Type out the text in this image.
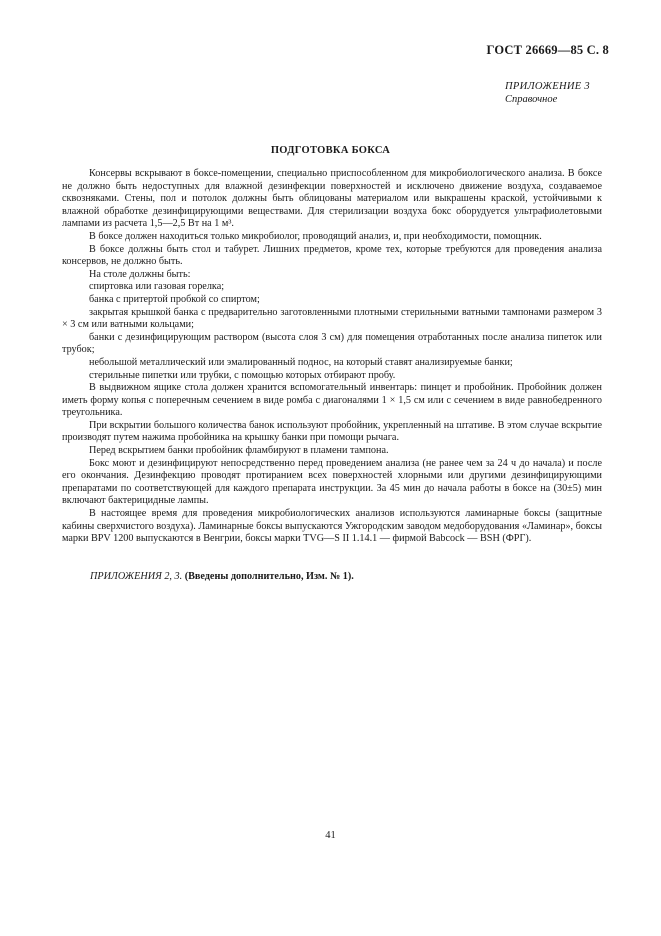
ГОСТ 26669—85 С. 8
ПРИЛОЖЕНИЕ 3
Справочное
ПОДГОТОВКА БОКСА

Консервы вскрывают в боксе-помещении, специально приспособленном для микробиологического анализа. В боксе не должно быть недоступных для влажной дезинфекции поверхностей и исключено движение воздуха, создаваемое сквозняками. Стены, пол и потолок должны быть облицованы материалом или выкрашены краской, устойчивыми к влажной обработке дезинфицирующими веществами. Для стерилизации воздуха бокс оборудуется ультрафиолетовыми лампами из расчета 1,5—2,5 Вт на 1 м³.

В боксе должен находиться только микробиолог, проводящий анализ, и, при необходимости, помощник.

В боксе должны быть стол и табурет. Лишних предметов, кроме тех, которые требуются для проведения анализа консервов, не должно быть.

На столе должны быть:

спиртовка или газовая горелка;

банка с притертой пробкой со спиртом;

закрытая крышкой банка с предварительно заготовленными плотными стерильными ватными тампонами размером 3 × 3 см или ватными кольцами;

банки с дезинфицирующим раствором (высота слоя 3 см) для помещения отработанных после анализа пипеток или трубок;

небольшой металлический или эмалированный поднос, на который ставят анализируемые банки;

стерильные пипетки или трубки, с помощью которых отбирают пробу.

В выдвижном ящике стола должен хранится вспомогательный инвентарь: пинцет и пробойник. Пробойник должен иметь форму копья с поперечным сечением в виде ромба с диагоналями 1 × 1,5 см или с сечением в виде равнобедренного треугольника.

При вскрытии большого количества банок используют пробойник, укрепленный на штативе. В этом случае вскрытие производят путем нажима пробойника на крышку банки при помощи рычага.

Перед вскрытием банки пробойник фламбируют в пламени тампона.

Бокс моют и дезинфицируют непосредственно перед проведением анализа (не ранее чем за 24 ч до начала) и после его окончания. Дезинфекцию проводят протиранием всех поверхностей хлорными или другими дезинфицирующими препаратами по соответствующей для каждого препарата инструкции. За 45 мин до начала работы в боксе на (30±5) мин включают бактерицидные лампы.

В настоящее время для проведения микробиологических анализов используются ламинарные боксы (защитные кабины сверхчистого воздуха). Ламинарные боксы выпускаются Ужгородским заводом медоборудования «Ламинар», боксы марки BPV 1200 выпускаются в Венгрии, боксы марки TVG—S II 1.14.1 — фирмой Babcock — BSH (ФРГ).

ПРИЛОЖЕНИЯ 2, 3. (Введены дополнительно, Изм. № 1).
41
